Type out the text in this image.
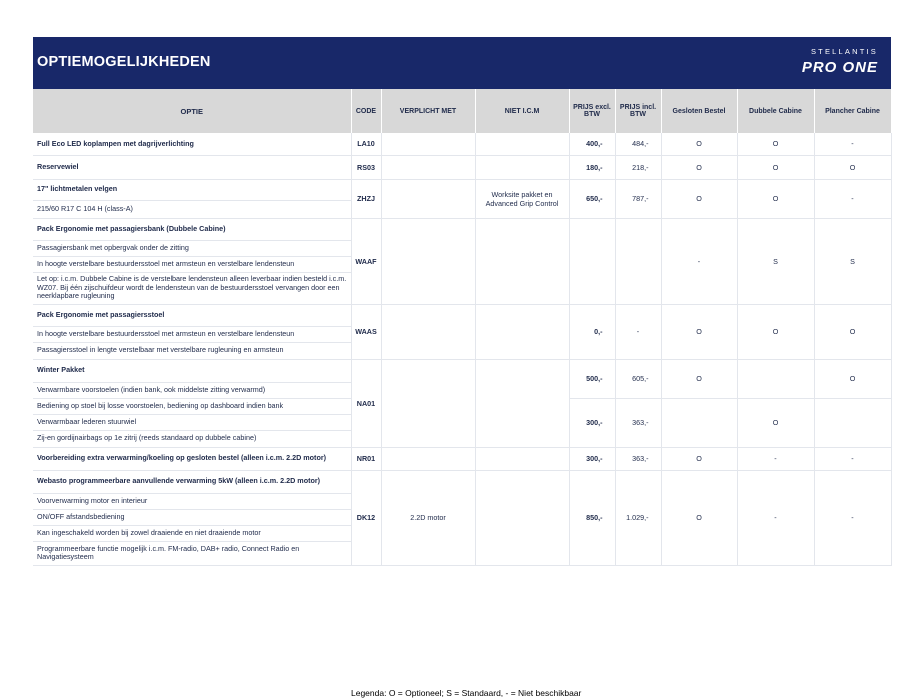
OPTIEMOGELIJKHEDEN
STELLANTIS
PRO ONE
OPTIE	CODE	VERPLICHT MET	NIET I.C.M	PRIJS excl. BTW	PRIJS incl. BTW	Gesloten Bestel	Dubbele Cabine	Plancher Cabine
Full Eco LED koplampen met dagrijverlichting	LA10			400,-	484,-	O	O	-
Reservewiel	RS03			180,-	218,-	O	O	O
17" lichtmetalen velgen	ZHZJ		Worksite pakket en Advanced Grip Control	650,-	787,-	O	O	-
215/60 R17 C 104 H (class-A)								
Pack Ergonomie met passagiersbank (Dubbele Cabine)	WAAF					-	S	S
Passagiersbank met opbergvak onder de zitting								
In hoogte verstelbare bestuurdersstoel met armsteun en verstelbare lendensteun								
Let op: i.c.m. Dubbele Cabine is de verstelbare lendensteun alleen leverbaar indien besteld i.c.m. WZ07. Bij één zijschuifdeur wordt de lendensteun van de bestuurdersstoel vervangen door een neerklapbare rugleuning								
Pack Ergonomie met passagiersstoel	WAAS			0,-	-	O	O	O
In hoogte verstelbare bestuurdersstoel met armsteun en verstelbare lendensteun								
Passagiersstoel in lengte verstelbaar met verstelbare rugleuning en armsteun								
Winter Pakket	NA01			500,-	605,-	O		O
Verwarmbare voorstoelen (indien bank, ook middelste zitting verwarmd)								
Bediening op stoel bij losse voorstoelen, bediening op dashboard indien bank				300,-	363,-		O	
Verwarmbaar lederen stuurwiel								
Zij-en gordijnairbags op 1e zitrij (reeds standaard op dubbele cabine)								
Voorbereiding extra verwarming/koeling op gesloten bestel (alleen i.c.m. 2.2D motor)	NR01			300,-	363,-	O	-	-
Webasto programmeerbare aanvullende verwarming 5kW (alleen i.c.m. 2.2D motor)	DK12	2.2D motor		850,-	1.029,-	O	-	-
Voorverwarming motor en interieur								
ON/OFF afstandsbediening								
Kan ingeschakeld worden bij zowel draaiende en niet draaiende motor								
Programmeerbare functie mogelijk i.c.m. FM-radio, DAB+ radio, Connect Radio en Navigatiesysteem								
Legenda: O = Optioneel; S = Standaard, - = Niet beschikbaar
